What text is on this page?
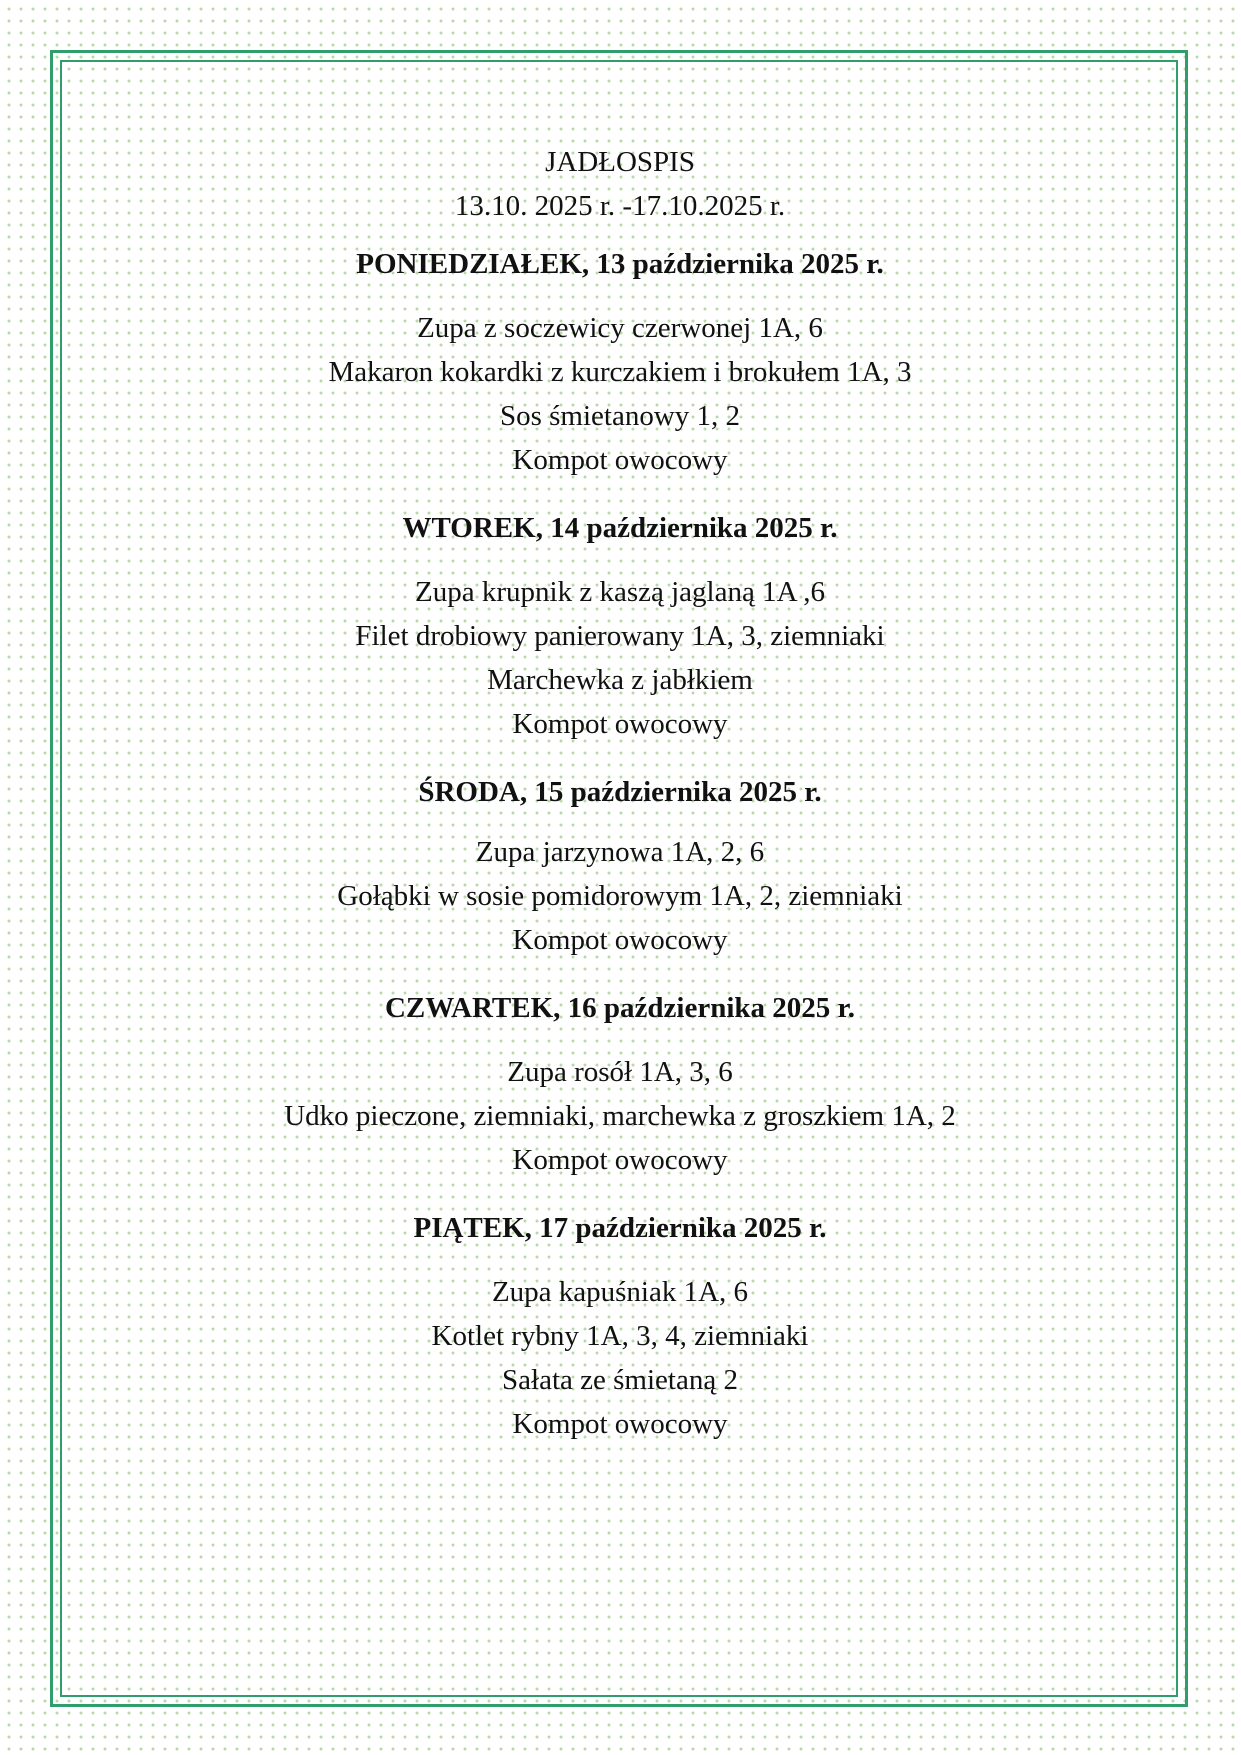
JADŁOSPIS

13.10. 2025 r. -17.10.2025 r.

PONIEDZIAŁEK, 13 października 2025 r.

Zupa z soczewicy czerwonej 1A, 6

Makaron kokardki z kurczakiem i brokułem 1A, 3

Sos śmietanowy 1, 2

Kompot owocowy

WTOREK, 14 października 2025 r.

Zupa krupnik z kaszą jaglaną 1A ,6

Filet drobiowy panierowany 1A, 3, ziemniaki

Marchewka z jabłkiem

Kompot owocowy

ŚRODA, 15 października 2025 r.

Zupa jarzynowa 1A, 2, 6

Gołąbki w sosie pomidorowym 1A, 2, ziemniaki

Kompot owocowy

CZWARTEK, 16 października 2025 r.

Zupa rosół 1A, 3, 6

Udko pieczone, ziemniaki, marchewka z groszkiem 1A, 2

Kompot owocowy

PIĄTEK, 17 października 2025 r.

Zupa kapuśniak 1A, 6

Kotlet rybny 1A, 3, 4, ziemniaki

Sałata ze śmietaną 2

Kompot owocowy
